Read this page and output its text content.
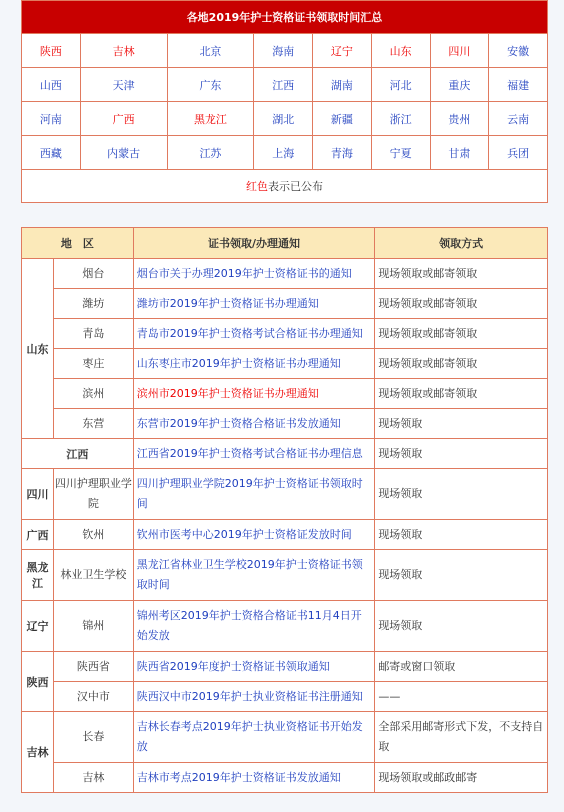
各地2019年护士资格证书领取时间汇总							
陕西	吉林	北京	海南	辽宁	山东	四川	安徽
山西	天津	广东	江西	湖南	河北	重庆	福建
河南	广西	黑龙江	湖北	新疆	浙江	贵州	云南
西藏	内蒙古	江苏	上海	青海	宁夏	甘肃	兵团
红色表示已公布							
地　区		证书领取/办理通知	领取方式
山东	烟台	烟台市关于办理2019年护士资格证书的通知	现场领取或邮寄领取
	潍坊	潍坊市2019年护士资格证书办理通知	现场领取或邮寄领取
	青岛	青岛市2019年护士资格考试合格证书办理通知	现场领取或邮寄领取
	枣庄	山东枣庄市2019年护士资格证书办理通知	现场领取或邮寄领取
	滨州	滨州市2019年护士资格证书办理通知	现场领取或邮寄领取
	东营	东营市2019年护士资格合格证书发放通知	现场领取
江西		江西省2019年护士资格考试合格证书办理信息	现场领取
四川	四川护理职业学院	四川护理职业学院2019年护士资格证书领取时间	现场领取
广西	钦州	钦州市医考中心2019年护士资格证发放时间	现场领取
黑龙江	林业卫生学校	黑龙江省林业卫生学校2019年护士资格证书领取时间	现场领取
辽宁	锦州	锦州考区2019年护士资格合格证书11月4日开始发放	现场领取
陕西	陕西省	陕西省2019年度护士资格证书领取通知	邮寄或窗口领取
	汉中市	陕西汉中市2019年护士执业资格证书注册通知	——
吉林	长春	吉林长春考点2019年护士执业资格证书开始发放	全部采用邮寄形式下发，不支持自取
	吉林	吉林市考点2019年护士资格证书发放通知	现场领取或邮政邮寄
